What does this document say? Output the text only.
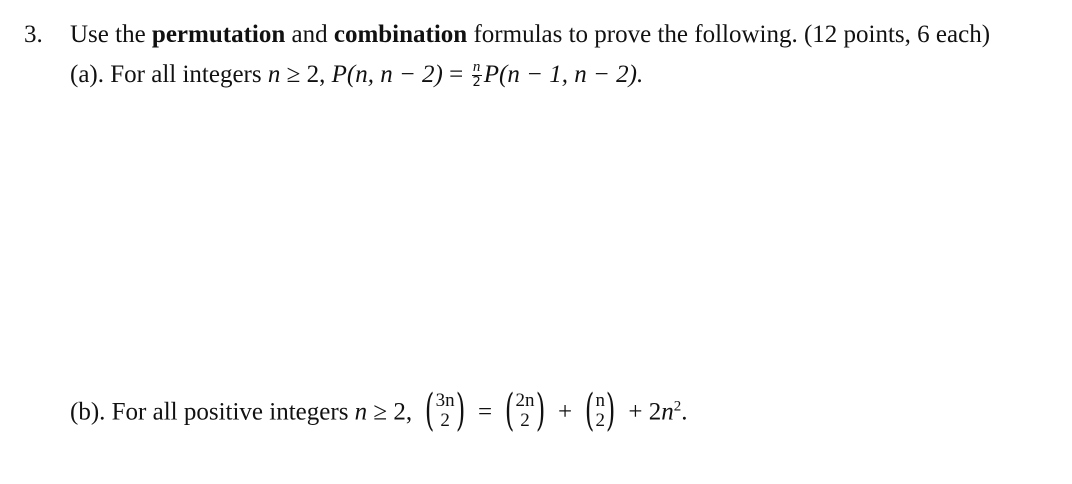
3. Use the permutation and combination formulas to prove the following. (12 points, 6 each)
(a). For all integers n ≥ 2, P(n, $n - 2) = \frac{n}{2} P(n - 1$, n − 2).
(b). For all positive integers n ≥ 2, ( 3n
2 ) = ( 2n
2 ) + ( n
2 ) + $2n^2$.
